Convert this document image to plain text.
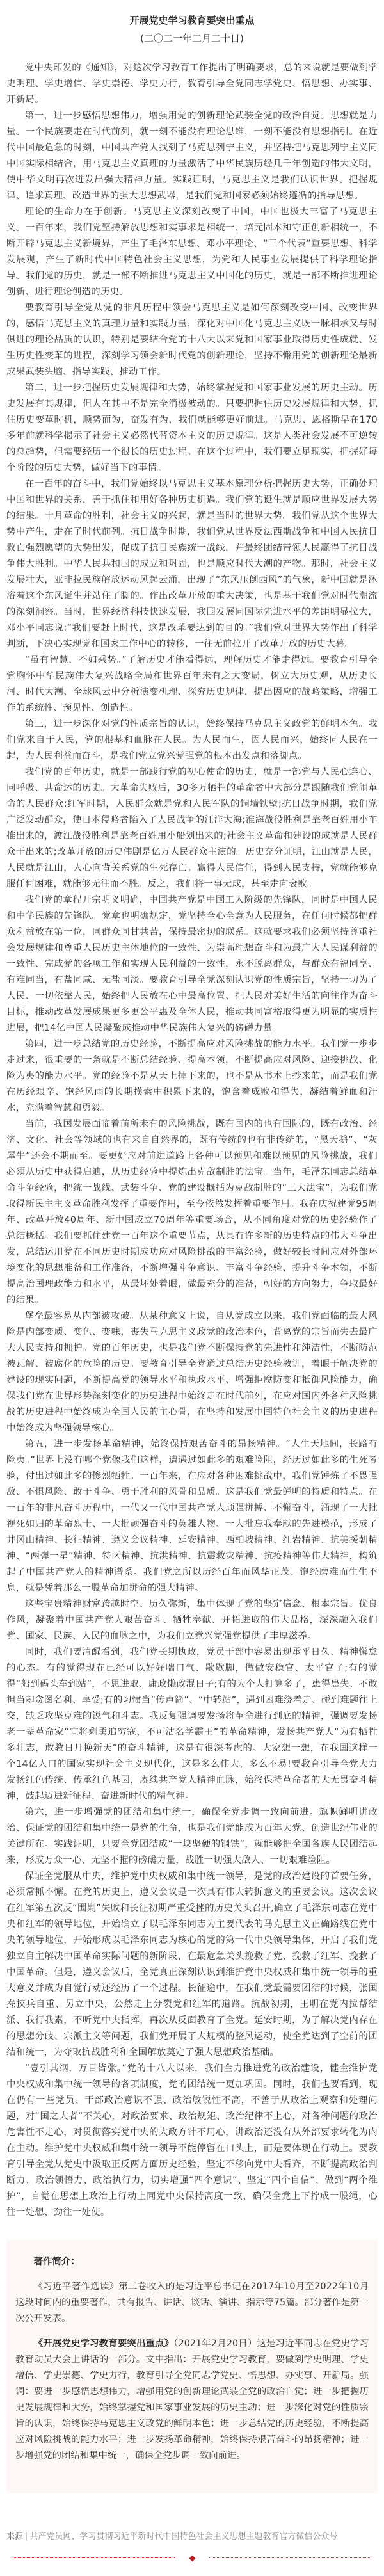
开展党史学习教育要突出重点
(二〇二一年二月二十日)

党中央印发的《通知》，对这次学习教育工作提出了明确要求，总的来说就是要做到学史明理、学史增信、学史崇德、学史力行，教育引导全党同志学党史、悟思想、办实事、开新局。

第一，进一步感悟思想伟力，增强用党的创新理论武装全党的政治自觉。思想就是力量。一个民族要走在时代前列，就一刻不能没有理论思维，一刻不能没有思想指引。在近代中国最危急的时刻，中国共产党人找到了马克思列宁主义，并坚持把马克思列宁主义同中国实际相结合，用马克思主义真理的力量激活了中华民族历经几千年创造的伟大文明，使中华文明再次迸发出强大精神力量。实践证明，马克思主义是我们认识世界、把握规律、追求真理、改造世界的强大思想武器，是我们党和国家必须始终遵循的指导思想。

理论的生命力在于创新。马克思主义深刻改变了中国，中国也极大丰富了马克思主义。一百年来，我们党坚持解放思想和实事求是相统一、培元固本和守正创新相统一，不断开辟马克思主义新境界，产生了毛泽东思想、邓小平理论、“三个代表”重要思想、科学发展观，产生了新时代中国特色社会主义思想，为党和人民事业发展提供了科学理论指导。我们党的历史，就是一部不断推进马克思主义中国化的历史，就是一部不断推进理论创新、进行理论创造的历史。

要教育引导全党从党的非凡历程中领会马克思主义是如何深刻改变中国、改变世界的，感悟马克思主义的真理力量和实践力量，深化对中国化马克思主义既一脉相承又与时俱进的理论品质的认识，特别是要结合党的十八大以来党和国家事业取得历史性成就、发生历史性变革的进程，深刻学习领会新时代党的创新理论，坚持不懈用党的创新理论最新成果武装头脑、指导实践、推动工作。

第二，进一步把握历史发展规律和大势，始终掌握党和国家事业发展的历史主动。历史发展有其规律，但人在其中不是完全消极被动的。只要把握住历史发展规律和大势，抓住历史变革时机，顺势而为，奋发有为，我们就能够更好前进。马克思、恩格斯早在170多年前就科学揭示了社会主义必然代替资本主义的历史规律。这是人类社会发展不可逆转的总趋势，但需要经历一个很长的历史过程。在这个过程中，我们要立足现实，把握好每个阶段的历史大势，做好当下的事情。

在一百年的奋斗中，我们党始终以马克思主义基本原理分析把握历史大势，正确处理中国和世界的关系，善于抓住和用好各种历史机遇。我们党的诞生就是顺应世界发展大势的结果。十月革命的胜利，社会主义的兴起，就是当时的世界大势。我们党从这个世界大势中产生，走在了时代前列。抗日战争时期，我们党从世界反法西斯战争和中国人民抗日救亡强烈愿望的大势出发，促成了抗日民族统一战线，并最终团结带领人民赢得了抗日战争伟大胜利。中华人民共和国的成立和巩固，也是顺应时代大潮的产物。那时，社会主义发展壮大，亚非拉民族解放运动风起云涌，出现了“东风压倒西风”的气象，新中国就是沐浴着这个东风诞生并站住了脚的。作出改革开放的重大决策，也是基于我们党对时代潮流的深刻洞察。当时，世界经济科技快速发展，我国发展同国际先进水平的差距明显拉大，邓小平同志说:“我们要赶上时代，这是改革要达到的目的。”我们党对世界大势作出了科学判断，下决心实现党和国家工作中心的转移，一往无前拉开了改革开放的历史大幕。

“虽有智慧，不如乘势。”了解历史才能看得远，理解历史才能走得远。要教育引导全党胸怀中华民族伟大复兴战略全局和世界百年未有之大变局，树立大历史观，从历史长河、时代大潮、全球风云中分析演变机理、探究历史规律，提出因应的战略策略，增强工作的系统性、预见性、创造性。

第三，进一步深化对党的性质宗旨的认识，始终保持马克思主义政党的鲜明本色。我们党来自于人民，党的根基和血脉在人民。为人民而生，因人民而兴，始终同人民在一起，为人民利益而奋斗，是我们党立党兴党强党的根本出发点和落脚点。

我们党的百年历史，就是一部践行党的初心使命的历史，就是一部党与人民心连心、同呼吸、共命运的历史。大革命失败后，30多万牺牲的革命者中大部分是跟随我们党闹革命的人民群众;红军时期，人民群众就是党和人民军队的铜墙铁壁;抗日战争时期，我们党广泛发动群众，使日本侵略者陷入了人民战争的汪洋大海;淮海战役胜利是靠老百姓用小车推出来的，渡江战役胜利是靠老百姓用小船划出来的;社会主义革命和建设的成就是人民群众干出来的;改革开放的历史伟剧是亿万人民群众主演的。历史充分证明，江山就是人民，人民就是江山，人心向背关系党的生死存亡。赢得人民信任，得到人民支持，党就能够克服任何困难，就能够无往而不胜。反之，我们将一事无成，甚至走向衰败。

我们党的章程开宗明义明确，中国共产党是中国工人阶级的先锋队，同时是中国人民和中华民族的先锋队。党章也明确规定，党坚持全心全意为人民服务，在任何时候都把群众利益放在第一位，同群众同甘共苦，保持最密切的联系。这就要求我们必须坚持尊重社会发展规律和尊重人民历史主体地位的一致性、为崇高理想奋斗和为最广大人民谋利益的一致性、完成党的各项工作和实现人民利益的一致性，永不脱离群众，与群众有福同享、有难同当，有盐同咸、无盐同淡。要教育引导全党深刻认识党的性质宗旨，坚持一切为了人民、一切依靠人民，始终把人民放在心中最高位置、把人民对美好生活的向往作为奋斗目标，推动改革发展成果更多更公平惠及全体人民，推动共同富裕取得更为明显的实质性进展，把14亿中国人民凝聚成推动中华民族伟大复兴的磅礴力量。

第四，进一步总结党的历史经验，不断提高应对风险挑战的能力水平。我们党一步步走过来，很重要的一条就是不断总结经验、提高本领，不断提高应对风险、迎接挑战、化险为夷的能力水平。党的经验不是从天上掉下来的，也不是从书本上抄来的，而是我们党在历经艰辛、饱经风雨的长期摸索中积累下来的，饱含着成败和得失，凝结着鲜血和汗水，充满着智慧和勇毅。

当前，我国发展面临着前所未有的风险挑战，既有国内的也有国际的，既有政治、经济、文化、社会等领域的也有来自自然界的，既有传统的也有非传统的，“黑天鹅”、“灰犀牛”还会不期而至。要更好应对前进道路上各种可以预见和难以预见的风险挑战，我们必须从历史中获得启迪，从历史经验中提炼出克敌制胜的法宝。当年，毛泽东同志总结革命斗争经验，把统一战线、武装斗争、党的建设概括为克敌制胜的“三大法宝”，为我们党取得新民主主义革命胜利发挥了重要作用，至今依然发挥着重要作用。我在庆祝建党95周年、改革开放40周年、新中国成立70周年等重要场合，从不同角度对党的历史经验作了总结概括。我们要抓住建党一百年这个重要节点，从具有许多新的历史特点的伟大斗争出发，总结运用党在不同历史时期成功应对风险挑战的丰富经验，做好较长时间应对外部环境变化的思想准备和工作准备，不断增强斗争意识、丰富斗争经验、提升斗争本领，不断提高治国理政能力和水平，从最坏处着眼，做最充分的准备，朝好的方向努力，争取最好的结果。

堡垒最容易从内部被攻破。从某种意义上说，自从党成立以来，我们党面临的最大风险是内部变质、变色、变味，丧失马克思主义政党的政治本色，背离党的宗旨而失去最广大人民支持和拥护。党的百年历史，也是我们党不断保持党的先进性和纯洁性，不断防范被瓦解、被腐化的危险的历史。要教育引导全党通过总结历史经验教训，着眼于解决党的建设的现实问题，不断提高党的领导水平和执政水平、增强拒腐防变和抵御风险能力，确保我们党在世界形势深刻变化的历史进程中始终走在时代前列，在应对国内外各种风险挑战的历史进程中始终成为全国人民的主心骨，在坚持和发展中国特色社会主义的历史进程中始终成为坚强领导核心。

第五，进一步发扬革命精神，始终保持艰苦奋斗的昂扬精神。“人生天地间，长路有险夷。”世界上没有哪个党像我们这样，遭遇过如此多的艰难险阻，经历过如此多的生死考验，付出过如此多的惨烈牺牲。一百年来，在应对各种困难挑战中，我们党锤炼了不畏强敌、不惧风险、敢于斗争、勇于胜利的风骨和品质。这是我们党最鲜明的特质和特点。在一百年的非凡奋斗历程中，一代又一代中国共产党人顽强拼搏、不懈奋斗，涌现了一大批视死如归的革命烈士、一大批顽强奋斗的英雄人物、一大批忘我奉献的先进模范，形成了井冈山精神、长征精神、遵义会议精神、延安精神、西柏坡精神、红岩精神、抗美援朝精神、“两弹一星”精神、特区精神、抗洪精神、抗震救灾精神、抗疫精神等伟大精神，构筑起了中国共产党人的精神谱系。我们党之所以历经百年而风华正茂、饱经磨难而生生不息，就是凭着那么一股革命加拼命的强大精神。

这些宝贵精神财富跨越时空、历久弥新，集中体现了党的坚定信念、根本宗旨、优良作风，凝聚着中国共产党人艰苦奋斗、牺牲奉献、开拓进取的伟大品格，深深融入我们党、国家、民族、人民的血脉之中，为我们立党兴党强党提供了丰厚滋养。

同时，我们要清醒看到，我们党长期执政，党员干部中容易出现承平日久、精神懈怠的心态。有的觉得现在已经可以好好喘口气、歇歇脚，做做安稳官、太平官了;有的觉得“船到码头车到站”，不思进取、庸政懒政混日子;有的为个人打算多了，患得患失、不敢担当却贪图名利、享受;有的习惯当“传声筒”、“中转站”，遇到困难绕着走、碰到难题往上交，缺乏攻坚克难的锐气和斗志。我反复强调要发扬将革命进行到底的精神，强调要发扬老一辈革命家“宜将剩勇追穷寇，不可沽名学霸王”的革命精神，发扬共产党人“为有牺牲多壮志，敢教日月换新天”的奋斗精神，这是有很深考虑的。大家想一想，在我国这样一个14亿人口的国家实现社会主义现代化，这是多么伟大、多么不易!要教育引导全党大力发扬红色传统、传承红色基因，赓续共产党人精神血脉，始终保持革命者的大无畏奋斗精神，鼓起迈进新征程、奋进新时代的精气神。

第六，进一步增强党的团结和集中统一，确保全党步调一致向前进。旗帜鲜明讲政治、保证党的团结和集中统一是党的生命，也是我们党能成为百年大党、创造世纪伟业的关键所在。实践证明，只要全党团结成“一块坚硬的钢铁”，就能够把全国各族人民团结起来，形成万众一心、无坚不摧的磅礴力量，战胜一切强大敌人、一切艰难险阻。

保证全党服从中央，维护党中央权威和集中统一领导，是党的政治建设的首要任务，必须常抓不懈。在党的历史上，遵义会议是一次具有伟大转折意义的重要会议。这次会议在红军第五次反“围剿”失败和长征初期严重受挫的历史关头召开,确立了毛泽东同志在党中央和红军的领导地位，开始确立了以毛泽东同志为主要代表的马克思主义正确路线在党中央的领导地位，开始形成以毛泽东同志为核心的党的第一代中央领导集体，开启了我们党独立自主解决中国革命实际问题的新阶段，在最危急关头挽救了党、挽救了红军、挽救了中国革命。但是，遵义会议后，全党真正深刻认识到维护党中央权威和集中统一领导的重大意义并成为自觉行动还经历了一个过程。长征途中，在我们党最需要团结的时候，张国焘挟兵自重、另立中央，公然走上分裂党和红军的道路。抗战初期，王明在党内拉帮结派、我行我素，不听党中央指挥，再次从反面教育了全党。延安时期，为了解决党内存在的思想分歧、宗派主义等问题，我们党开展了大规模的整风运动，使全党达到了空前的团结和统一，为夺取抗战胜利和全国解放奠定了强大思想政治基础。

“壹引其纲，万目皆张。”党的十八大以来，我们全力推进党的政治建设，健全维护党中央权威和集中统一领导的各项制度，党的团结统一更加巩固。同时，我们也要看到，现在仍有一些党员、干部政治意识不强、政治敏锐性不高，不善于从政治上观察和处理问题，对“国之大者”不关心，对政治要求、政治规矩、政治纪律不上心，对各种问题的政治危害性不走心，对贯彻落实党中央的大政方针不用心，讲政治还没有从外部要求转化为内在主动。维护党中央权威和集中统一领导不能停留在口头上，而是要体现在行动上。要教育引导全党从党史中汲取正反两方面历史经验，坚定不移向党中央看齐，不断提高政治判断力、政治领悟力、政治执行力，切实增强“四个意识”、坚定“四个自信”、做到“两个维护”，自觉在思想上政治上行动上同党中央保持高度一致，确保全党上下拧成一股绳，心往一处想、劲往一处使。

著作简介：

《习近平著作选读》第二卷收入的是习近平总书记在2017年10月至2022年10月这段时间内的重要著作，共有报告、讲话、谈话、演讲、指示等75篇。部分著作是第一次公开发表。

《开展党史学习教育要突出重点》（2021年2月20日）这是习近平同志在党史学习教育动员大会上讲话的一部分。文中指出：开展党史学习教育，要做到学史明理、学史增信、学史崇德、学史力行，教育引导全党同志学党史、悟思想、办实事、开新局。强调：要进一步感悟思想伟力，增强用党的创新理论武装全党的政治自觉；进一步把握历史发展规律和大势，始终掌握党和国家事业发展的历史主动；进一步深化对党的性质宗旨的认识，始终保持马克思主义政党的鲜明本色；进一步总结党的历史经验，不断提高应对风险挑战的能力水平；进一步发扬革命精神，始终保持艰苦奋斗的昂扬精神；进一步增强党的团结和集中统一，确保全党步调一致向前进。

来源 | 共产党员网、学习贯彻习近平新时代中国特色社会主义思想主题教育官方微信公众号
